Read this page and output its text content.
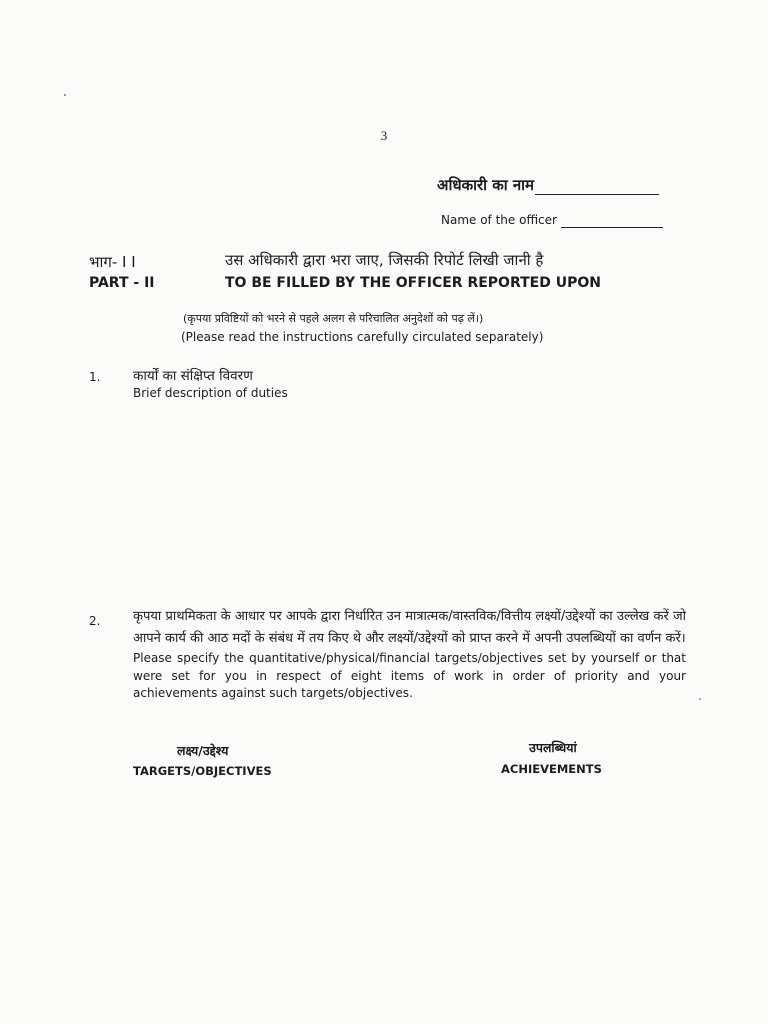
3
अधिकारी का नाम
Name of the officer
भाग- I I	उस अधिकारी द्वारा भरा जाए, जिसकी रिपोर्ट लिखी जानी है
PART - II	TO BE FILLED BY THE OFFICER REPORTED UPON
(कृपया प्रविष्टियों को भरने से पहले अलग से परिचालित अनुदेशों को पढ़ लें।)
(Please read the instructions carefully circulated separately)
1. कार्यों का संक्षिप्त विवरण
Brief description of duties
2.	कृपया प्राथमिकता के आधार पर आपके द्वारा निर्धारित उन मात्रात्मक/वास्तविक/वित्तीय लक्ष्यों/उद्देश्यों का उल्लेख करें जो आपने कार्य की आठ मदों के संबंध में तय किए थे और लक्ष्यों/उद्देश्यों को प्राप्त करने में अपनी उपलब्धियों का वर्णन करें।
Please specify the quantitative/physical/financial targets/objectives set by yourself or that were set for you in respect of eight items of work in order of priority and your achievements against such targets/objectives.
लक्ष्य/उद्देश्य
TARGETS/OBJECTIVES
उपलब्धियां
ACHIEVEMENTS
